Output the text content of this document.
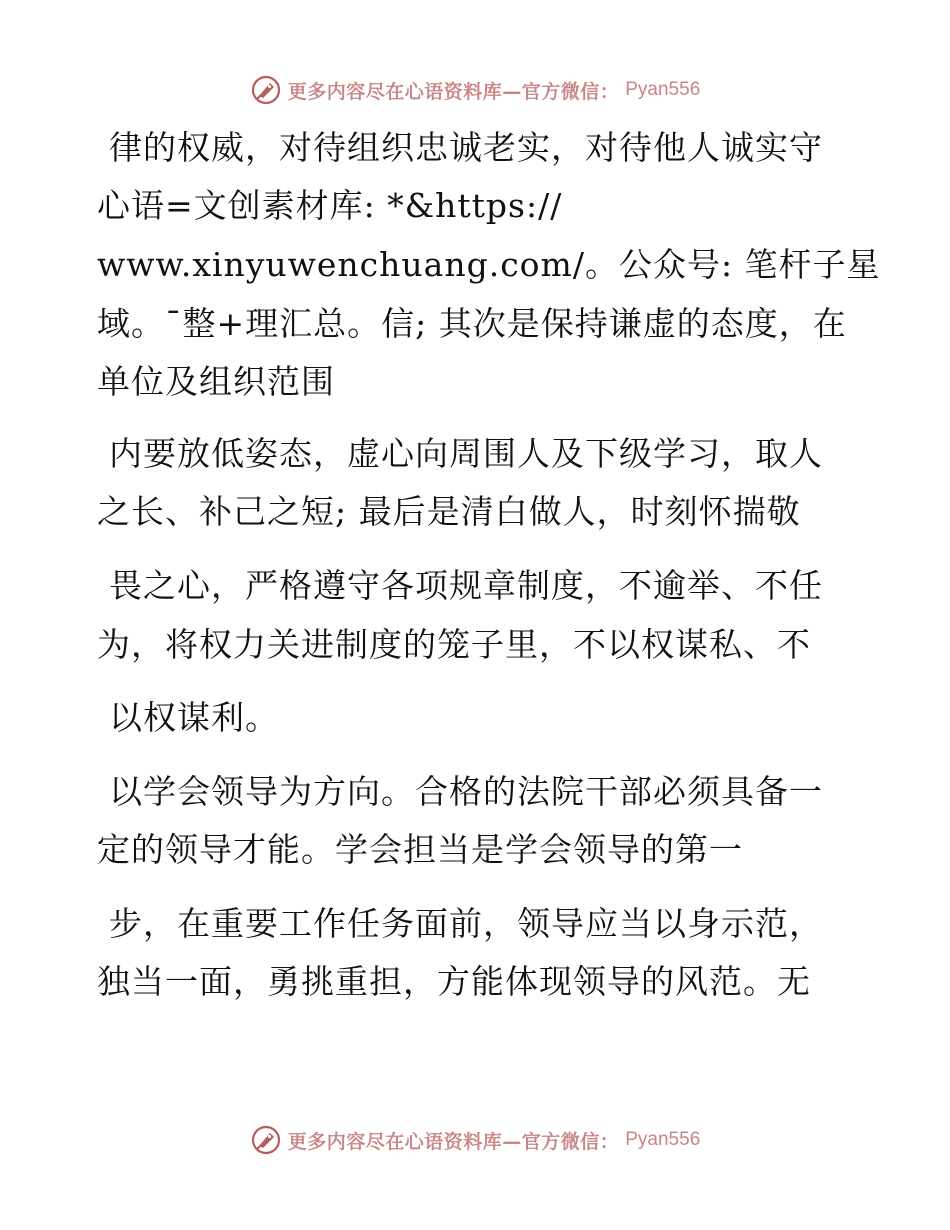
更多内容尽在心语资料库—官方微信： Pyan556
律的权威，对待组织忠诚老实，对待他人诚实守
心语=文创素材库: *&https://
www.xinyuwenchuang.com/。公众号: 笔杆子星
域。¯整+理汇总。信; 其次是保持谦虚的态度，在
单位及组织范围
内要放低姿态，虚心向周围人及下级学习，取人
之长、补己之短; 最后是清白做人，时刻怀揣敬
畏之心，严格遵守各项规章制度，不逾举、不任
为，将权力关进制度的笼子里，不以权谋私、不
以权谋利。
以学会领导为方向。合格的法院干部必须具备一
定的领导才能。学会担当是学会领导的第一
步，在重要工作任务面前，领导应当以身示范，
独当一面，勇挑重担，方能体现领导的风范。无
更多内容尽在心语资料库—官方微信： Pyan556
